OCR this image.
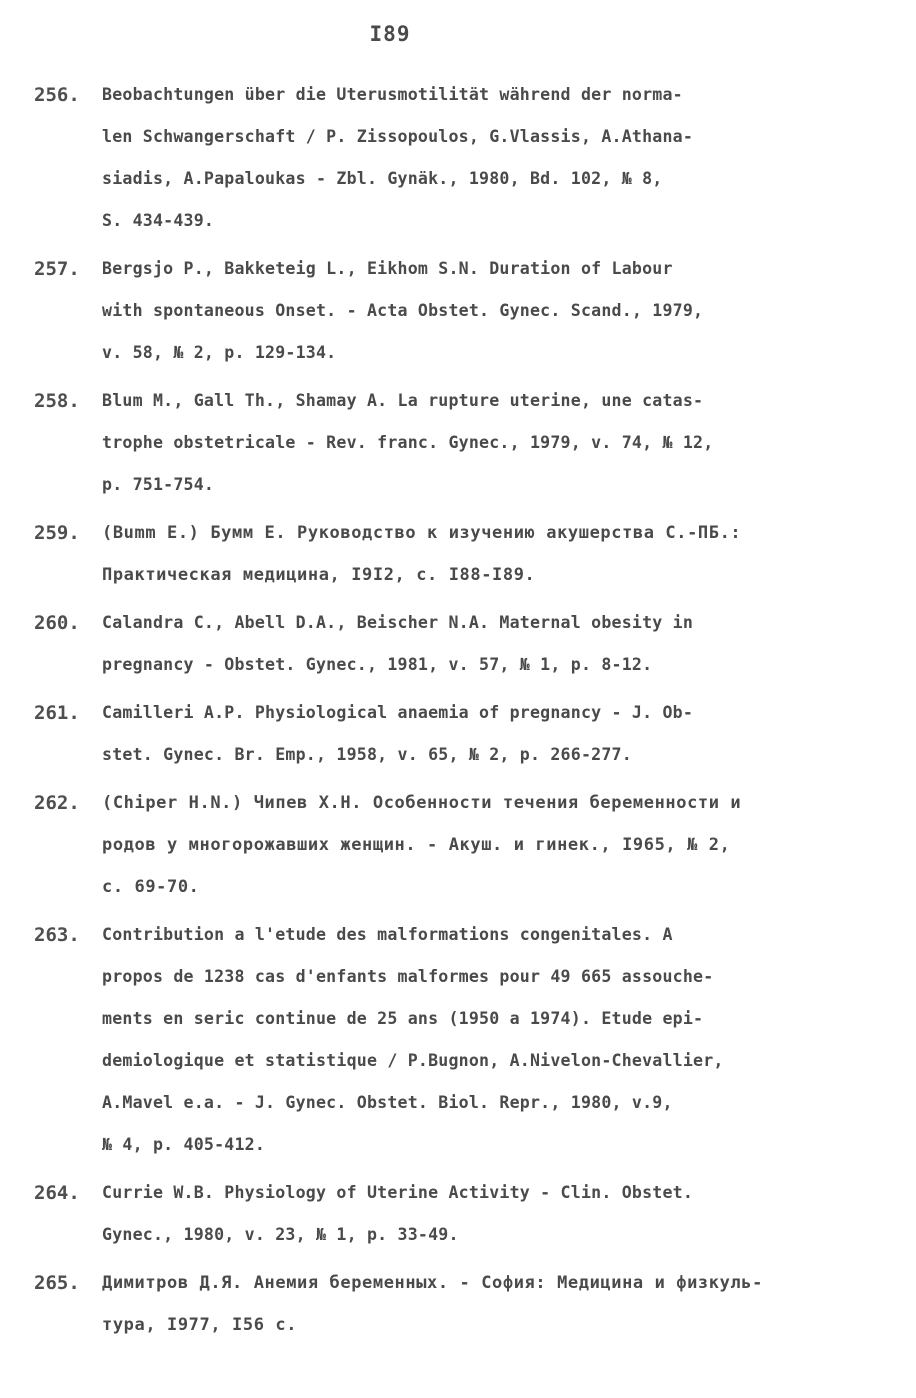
I89
256. Beobachtungen über die Uterusmotilität während der norma-
len Schwangerschaft / P. Zissopoulos, G.Vlassis, A.Athana-
siadis, A.Papaloukas - Zbl. Gynäk., 1980, Bd. 102, № 8,
S. 434-439.
257. Bergsjo P., Bakketeig L., Eikhom S.N. Duration of Labour
with spontaneous Onset. - Acta Obstet. Gynec. Scand., 1979,
v. 58, № 2, p. 129-134.
258. Blum M., Gall Th., Shamay A. La rupture uterine, une catas-
trophe obstetricale - Rev. franc. Gynec., 1979, v. 74, № 12,
p. 751-754.
259. (Bumm E.) Бумм Е. Руководство к изучению акушерства С.-ПБ.:
Практическая медицина, I9I2, с. I88-I89.
260. Calandra C., Abell D.A., Beischer N.A. Maternal obesity in
pregnancy - Obstet. Gynec., 1981, v. 57, № 1, p. 8-12.
261. Camilleri A.P. Physiological anaemia of pregnancy - J. Ob-
stet. Gynec. Br. Emp., 1958, v. 65, № 2, p. 266-277.
262. (Chiper H.N.) Чипев Х.Н. Особенности течения беременности и
родов у многорожавших женщин. - Акуш. и гинек., I965, № 2,
с. 69-70.
263. Contribution a l'etude des malformations congenitales. A
propos de 1238 cas d'enfants malformes pour 49 665 assouche-
ments en seric continue de 25 ans (1950 a 1974). Etude epi-
demiologique et statistique / P.Bugnon, A.Nivelon-Chevallier,
A.Mavel e.a. - J. Gynec. Obstet. Biol. Repr., 1980, v.9,
№ 4, p. 405-412.
264. Currie W.B. Physiology of Uterine Activity - Clin. Obstet.
Gynec., 1980, v. 23, № 1, p. 33-49.
265. Димитров Д.Я. Анемия беременных. - София: Медицина и физкуль-
тура, I977, I56 с.
